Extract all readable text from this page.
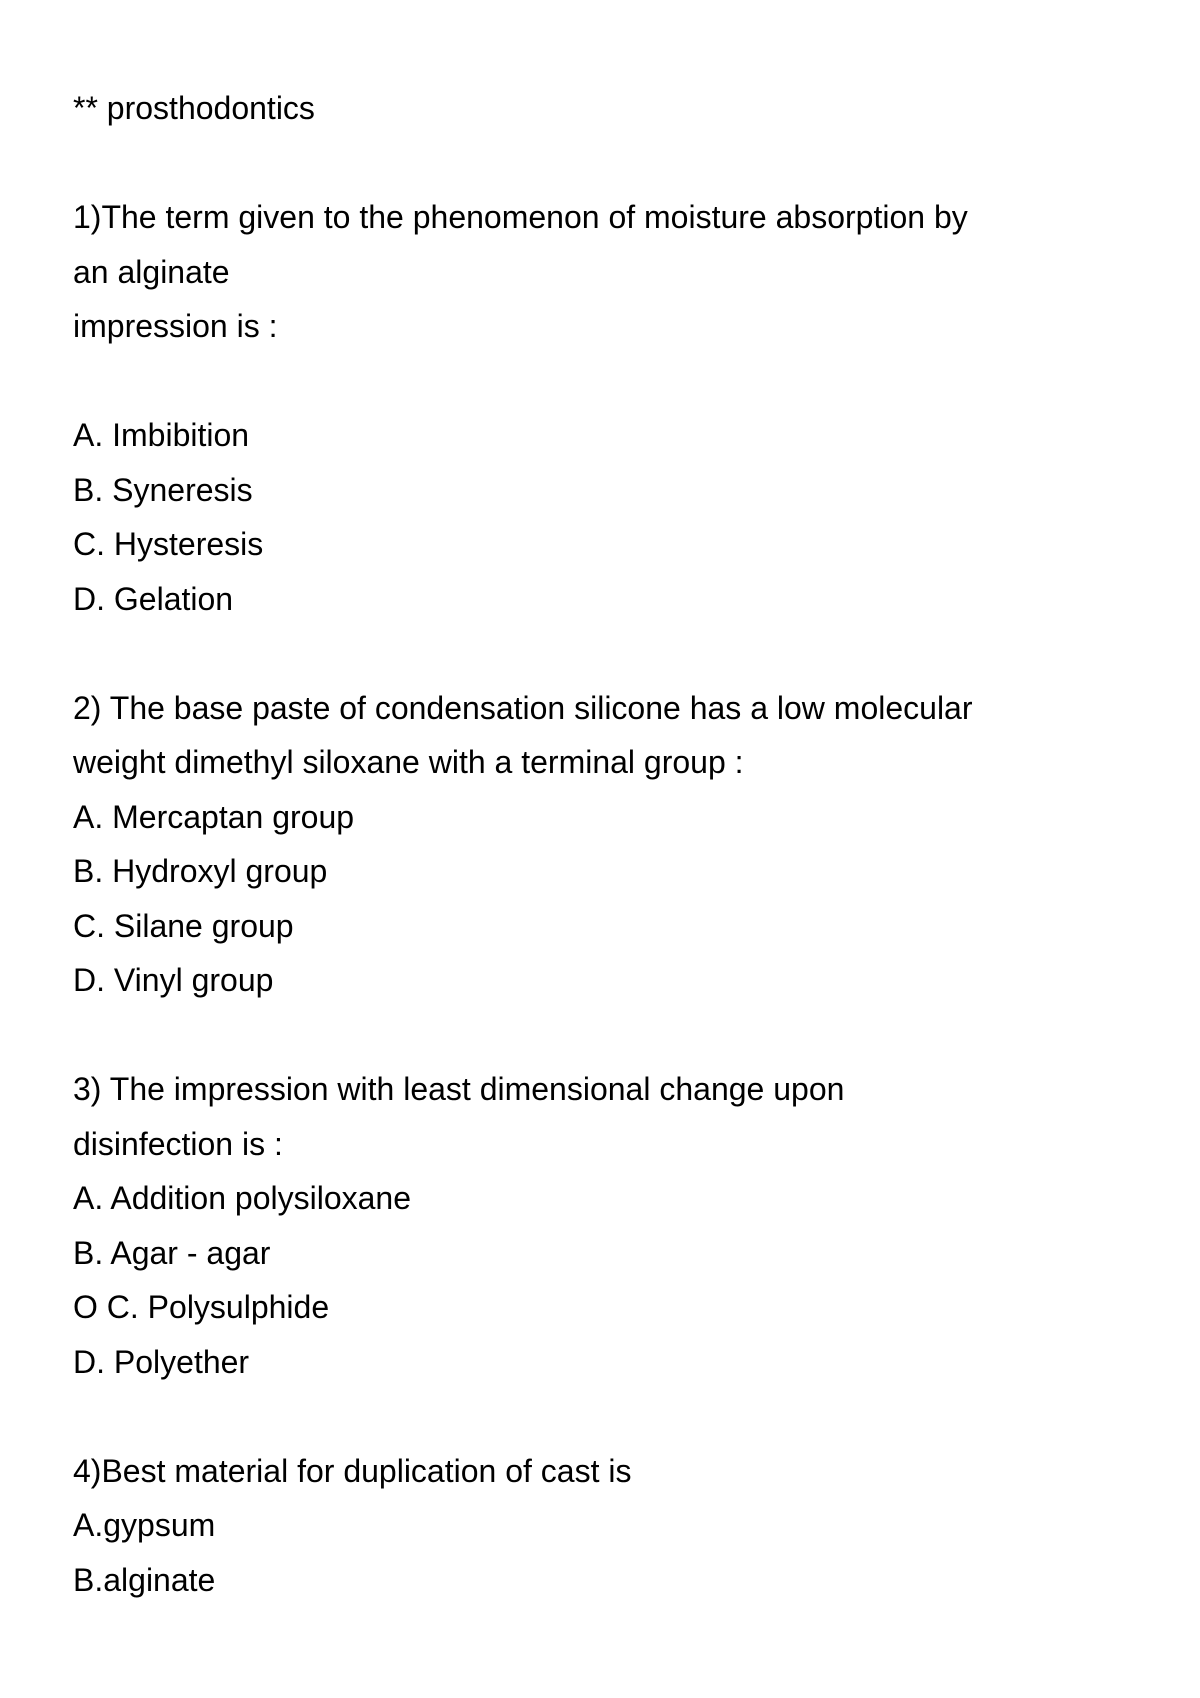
** prosthodontics
1)The term given to the phenomenon of moisture absorption by
an alginate
impression is :
A. Imbibition
B. Syneresis
C. Hysteresis
D. Gelation
2) The base paste of condensation silicone has a low molecular
weight dimethyl siloxane with a terminal group :
A. Mercaptan group
B. Hydroxyl group
C. Silane group
D. Vinyl group
3) The impression with least dimensional change upon
disinfection is :
A. Addition polysiloxane
B. Agar - agar
O C. Polysulphide
D. Polyether
4)Best material for duplication of cast is
A.gypsum
B.alginate
